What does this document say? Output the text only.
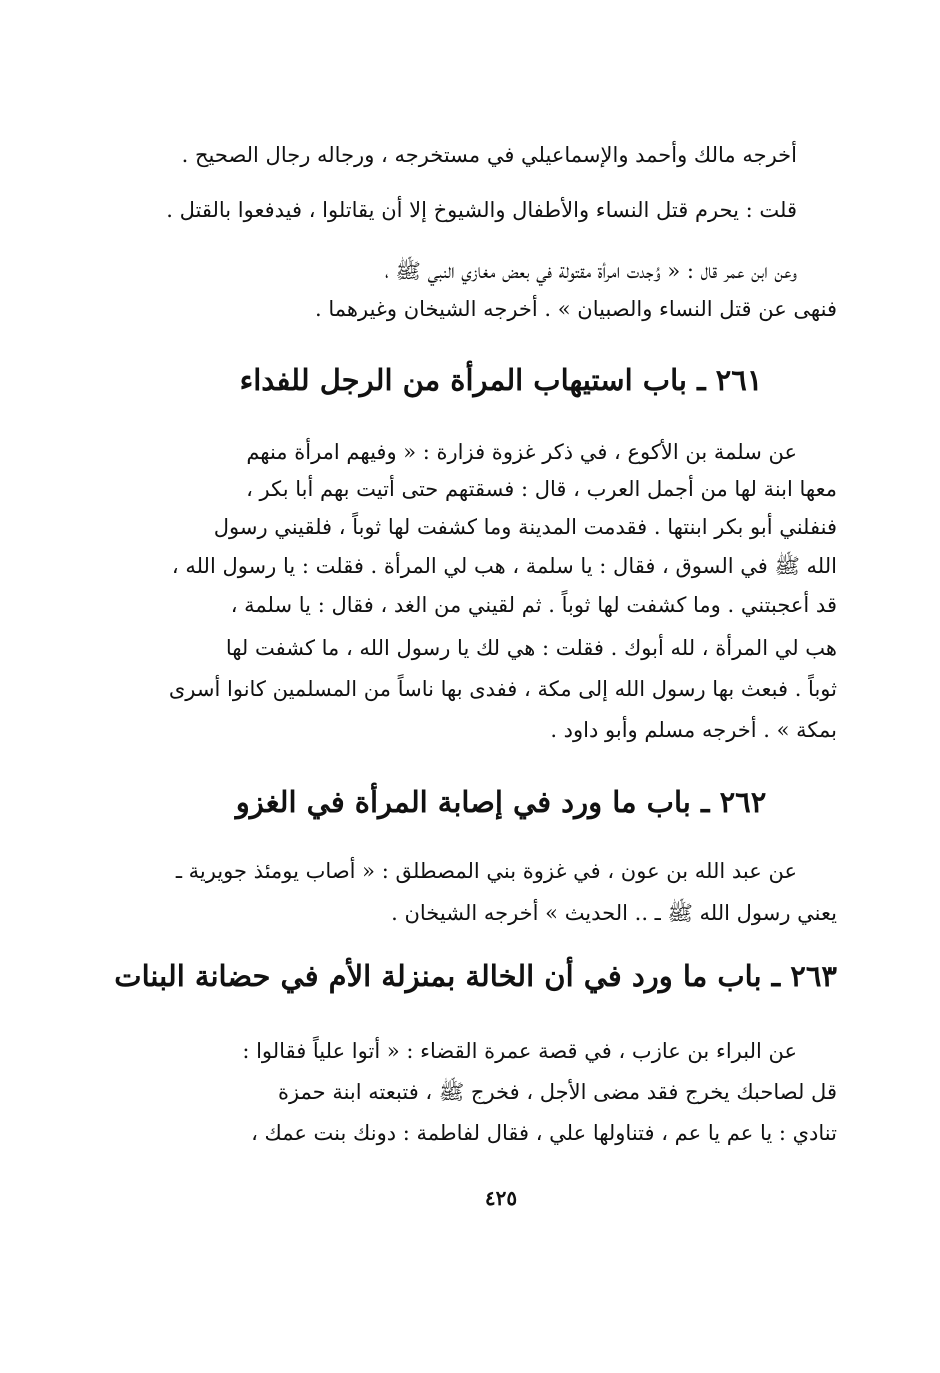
أخرجه مالك وأحمد والإسماعيلي في مستخرجه ، ورجاله رجال الصحيح .
قلت : يحرم قتل النساء والأطفال والشيوخ إلا أن يقاتلوا ، فيدفعوا بالقتل .
وعن ابن عمر قال : « وُجدت امرأة مقتولة في بعض مغازي النبي ﷺ ،
فنهى عن قتل النساء والصبيان » . أخرجه الشيخان وغيرهما .
٢٦١ ـ باب استيهاب المرأة من الرجل للفداء
عن سلمة بن الأكوع ، في ذكر غزوة فزارة : « وفيهم امرأة منهم
معها ابنة لها من أجمل العرب ، قال : فسقتهم حتى أتيت بهم أبا بكر ،
فنفلني أبو بكر ابنتها . فقدمت المدينة وما كشفت لها ثوباً ، فلقيني رسول
الله ﷺ في السوق ، فقال : يا سلمة ، هب لي المرأة . فقلت : يا رسول الله ،
قد أعجبتني . وما كشفت لها ثوباً . ثم لقيني من الغد ، فقال : يا سلمة ،
هب لي المرأة ، لله أبوك . فقلت : هي لك يا رسول الله ، ما كشفت لها
ثوباً . فبعث بها رسول الله إلى مكة ، ففدى بها ناساً من المسلمين كانوا أسرى
بمكة » . أخرجه مسلم وأبو داود .
٢٦٢ ـ باب ما ورد في إصابة المرأة في الغزو
عن عبد الله بن عون ، في غزوة بني المصطلق : « أصاب يومئذ جويرية ـ
يعني رسول الله ﷺ ـ .. الحديث » أخرجه الشيخان .
٢٦٣ ـ باب ما ورد في أن الخالة بمنزلة الأم في حضانة البنات
عن البراء بن عازب ، في قصة عمرة القضاء : « أتوا علياً فقالوا :
قل لصاحبك يخرج فقد مضى الأجل ، فخرج ﷺ ، فتبعته ابنة حمزة
تنادي : يا عم يا عم ، فتناولها علي ، فقال لفاطمة : دونك بنت عمك ،
٤٢٥
